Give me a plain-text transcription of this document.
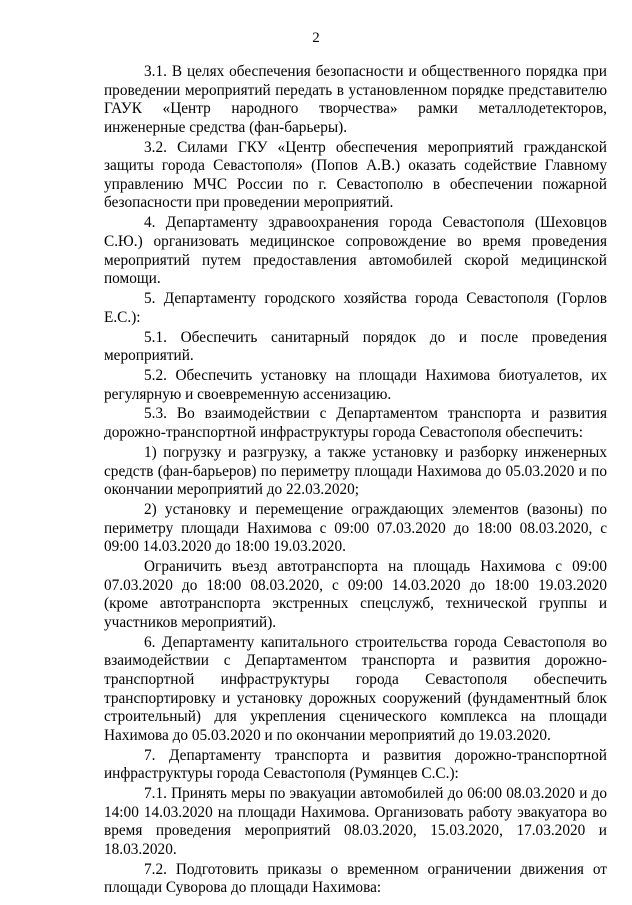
2

3.1. В целях обеспечения безопасности и общественного порядка при проведении мероприятий передать в установленном порядке представителю ГАУК «Центр народного творчества» рамки металлодетекторов, инженерные средства (фан-барьеры).

3.2. Силами ГКУ «Центр обеспечения мероприятий гражданской защиты города Севастополя» (Попов А.В.) оказать содействие Главному управлению МЧС России по г. Севастополю в обеспечении пожарной безопасности при проведении мероприятий.

4. Департаменту здравоохранения города Севастополя (Шеховцов С.Ю.) организовать медицинское сопровождение во время проведения мероприятий путем предоставления автомобилей скорой медицинской помощи.

5. Департаменту городского хозяйства города Севастополя (Горлов Е.С.):

5.1. Обеспечить санитарный порядок до и после проведения мероприятий.

5.2. Обеспечить установку на площади Нахимова биотуалетов, их регулярную и своевременную ассенизацию.

5.3. Во взаимодействии с Департаментом транспорта и развития дорожно-транспортной инфраструктуры города Севастополя обеспечить:

1) погрузку и разгрузку, а также установку и разборку инженерных средств (фан-барьеров) по периметру площади Нахимова до 05.03.2020 и по окончании мероприятий до 22.03.2020;

2) установку и перемещение ограждающих элементов (вазоны) по периметру площади Нахимова с 09:00 07.03.2020 до 18:00 08.03.2020, с 09:00 14.03.2020 до 18:00 19.03.2020.

Ограничить въезд автотранспорта на площадь Нахимова с 09:00 07.03.2020 до 18:00 08.03.2020, с 09:00 14.03.2020 до 18:00 19.03.2020 (кроме автотранспорта экстренных спецслужб, технической группы и участников мероприятий).

6. Департаменту капитального строительства города Севастополя во взаимодействии с Департаментом транспорта и развития дорожно-транспортной инфраструктуры города Севастополя обеспечить транспортировку и установку дорожных сооружений (фундаментный блок строительный) для укрепления сценического комплекса на площади Нахимова до 05.03.2020 и по окончании мероприятий до 19.03.2020.

7. Департаменту транспорта и развития дорожно-транспортной инфраструктуры города Севастополя (Румянцев С.С.):

7.1. Принять меры по эвакуации автомобилей до 06:00 08.03.2020 и до 14:00 14.03.2020 на площади Нахимова. Организовать работу эвакуатора во время проведения мероприятий 08.03.2020, 15.03.2020, 17.03.2020 и 18.03.2020.

7.2. Подготовить приказы о временном ограничении движения от площади Суворова до площади Нахимова:
